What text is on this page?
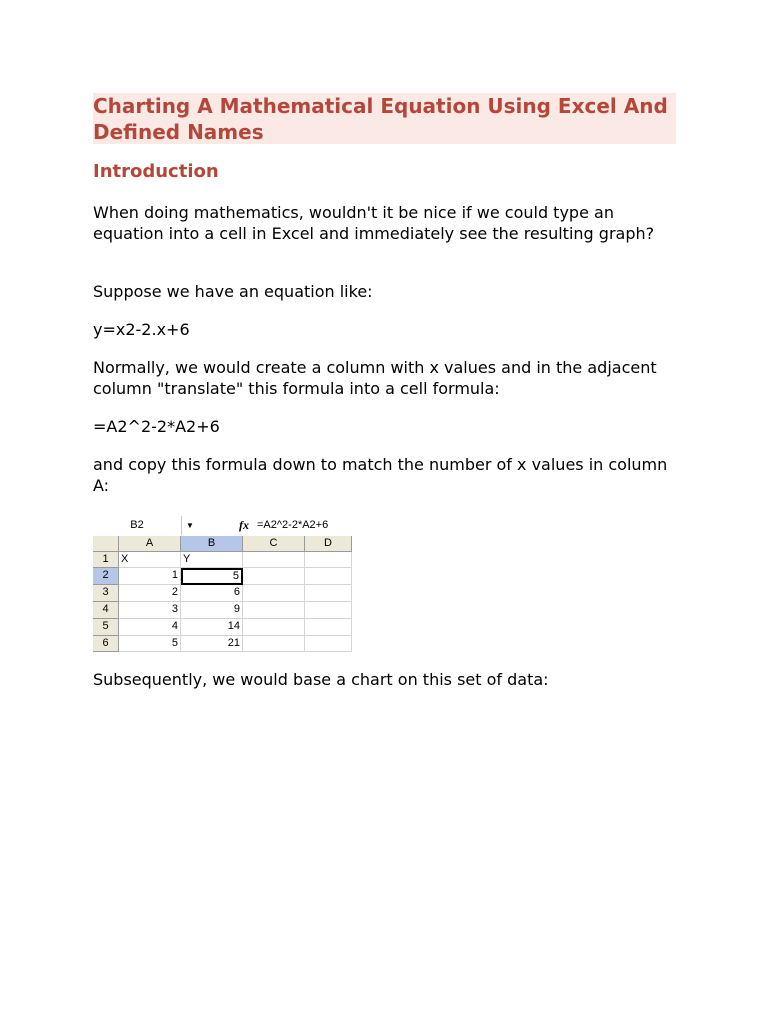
Charting A Mathematical Equation Using Excel And Defined Names
Introduction

When doing mathematics, wouldn't it be nice if we could type an equation into a cell in Excel and immediately see the resulting graph?

Suppose we have an equation like:

y=x2-2.x+6

Normally, we would create a column with x values and in the adjacent column "translate" this formula into a cell formula:

=A2^2-2*A2+6

and copy this formula down to match the number of x values in column A:

B2	▼	fx =A2^2-2*A2+6
A	B	C	D
1	X	Y
2	1	5
3	2	6
4	3	9
5	4	14
6	5	21

Subsequently, we would base a chart on this set of data:
